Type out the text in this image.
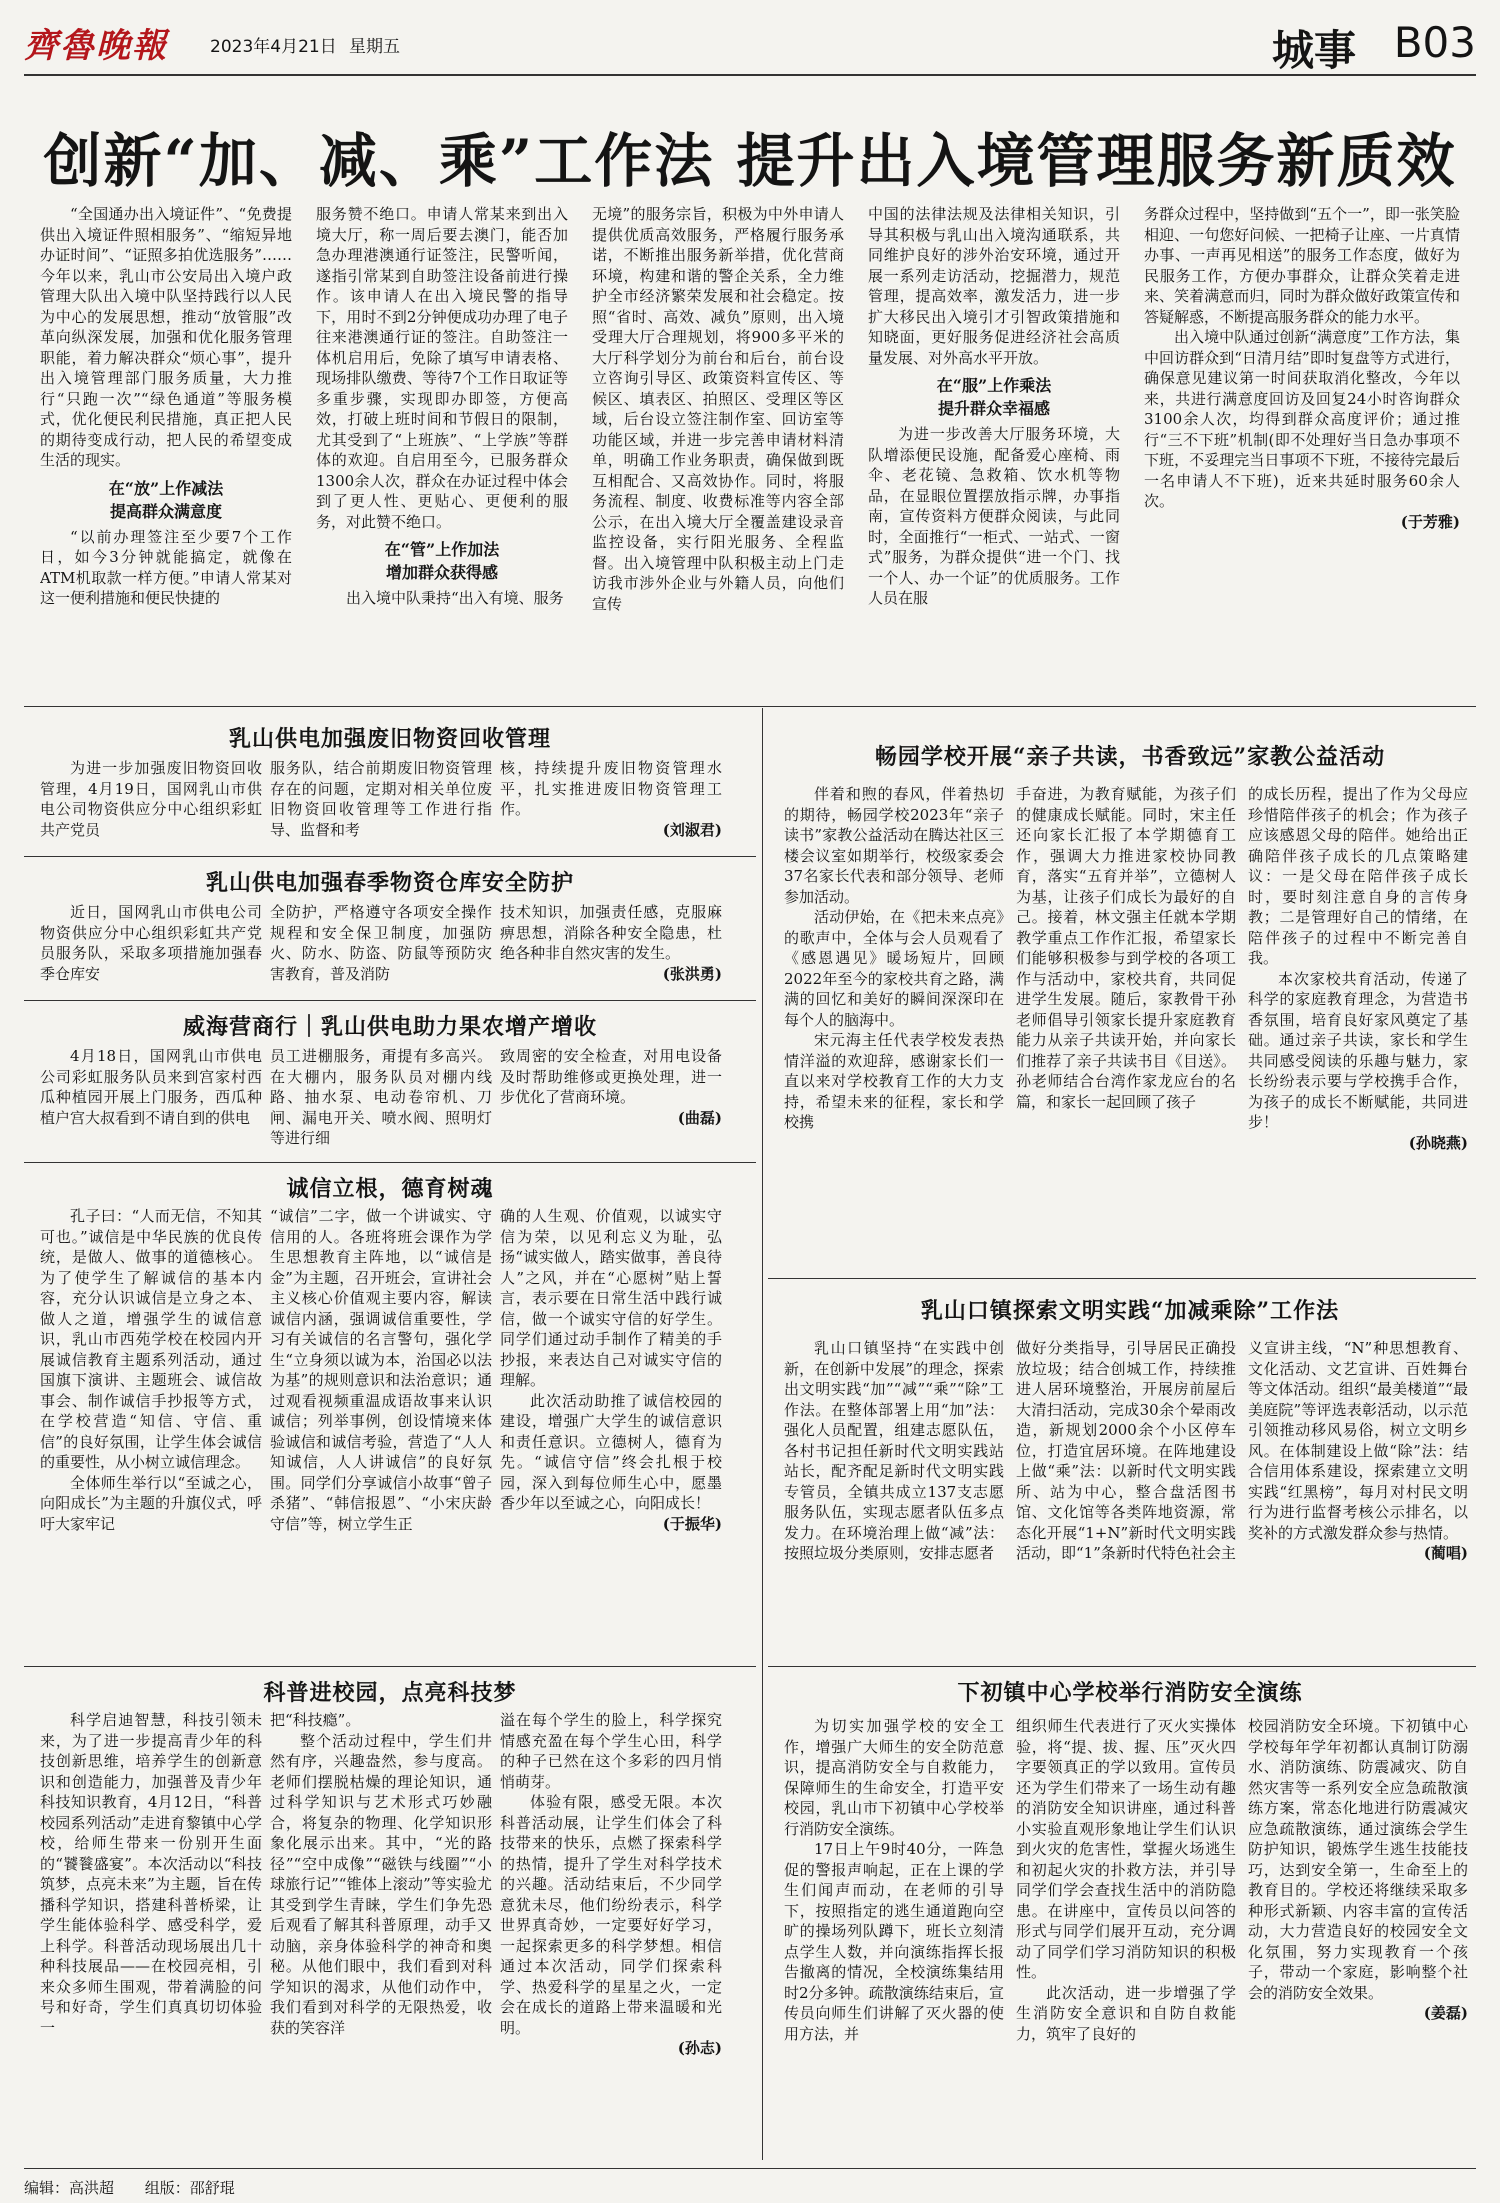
齊魯晚報 2023年4月21日 星期五	城事 B03
创新“加、减、乘”工作法 提升出入境管理服务新质效

“全国通办出入境证件”、“免费提供出入境证件照相服务”、“缩短异地办证时间”、“证照多拍优选服务”……今年以来，乳山市公安局出入境户政管理大队出入境中队坚持践行以人民为中心的发展思想，推动“放管服”改革向纵深发展，加强和优化服务管理职能，着力解决群众“烦心事”，提升出入境管理部门服务质量，大力推行“只跑一次”“绿色通道”等服务模式，优化便民利民措施，真正把人民的期待变成行动，把人民的希望变成生活的现实。

在“放”上作减法
提高群众满意度

“以前办理签注至少要7个工作日，如今3分钟就能搞定，就像在ATM机取款一样方便。”申请人常某对这一便利措施和便民快捷的

服务赞不绝口。申请人常某来到出入境大厅，称一周后要去澳门，能否加急办理港澳通行证签注，民警听闻，遂指引常某到自助签注设备前进行操作。该申请人在出入境民警的指导下，用时不到2分钟便成功办理了电子往来港澳通行证的签注。自助签注一体机启用后，免除了填写申请表格、现场排队缴费、等待7个工作日取证等多重步骤，实现即办即签，方便高效，打破上班时间和节假日的限制，尤其受到了“上班族”、“上学族”等群体的欢迎。自启用至今，已服务群众1300余人次，群众在办证过程中体会到了更人性、更贴心、更便利的服务，对此赞不绝口。

在“管”上作加法
增加群众获得感

出入境中队秉持“出入有境、服务

无境”的服务宗旨，积极为中外申请人提供优质高效服务，严格履行服务承诺，不断推出服务新举措，优化营商环境，构建和谐的警企关系，全力维护全市经济繁荣发展和社会稳定。按照“省时、高效、减负”原则，出入境受理大厅合理规划，将900多平米的大厅科学划分为前台和后台，前台设立咨询引导区、政策资料宣传区、等候区、填表区、拍照区、受理区等区域，后台设立签注制作室、回访室等功能区域，并进一步完善申请材料清单，明确工作业务职责，确保做到既互相配合、又高效协作。同时，将服务流程、制度、收费标准等内容全部公示，在出入境大厅全覆盖建设录音监控设备，实行阳光服务、全程监督。出入境管理中队积极主动上门走访我市涉外企业与外籍人员，向他们宣传

中国的法律法规及法律相关知识，引导其积极与乳山出入境沟通联系，共同维护良好的涉外治安环境，通过开展一系列走访活动，挖掘潜力，规范管理，提高效率，激发活力，进一步扩大移民出入境引才引智政策措施和知晓面，更好服务促进经济社会高质量发展、对外高水平开放。

在“服”上作乘法
提升群众幸福感

为进一步改善大厅服务环境，大队增添便民设施，配备爱心座椅、雨伞、老花镜、急救箱、饮水机等物品，在显眼位置摆放指示牌，办事指南，宣传资料方便群众阅读，与此同时，全面推行“一柜式、一站式、一窗式”服务，为群众提供“进一个门、找一个人、办一个证”的优质服务。工作人员在服

务群众过程中，坚持做到“五个一”，即一张笑脸相迎、一句您好问候、一把椅子让座、一片真情办事、一声再见相送”的服务工作态度，做好为民服务工作，方便办事群众，让群众笑着走进来、笑着满意而归，同时为群众做好政策宣传和答疑解惑，不断提高服务群众的能力水平。

出入境中队通过创新“满意度”工作方法，集中回访群众到“日清月结”即时复盘等方式进行，确保意见建议第一时间获取消化整改，今年以来，共进行满意度回访及回复24小时咨询群众3100余人次，均得到群众高度评价；通过推行“三不下班”机制(即不处理好当日急办事项不下班，不妥理完当日事项不下班，不接待完最后一名申请人不下班)，近来共延时服务60余人次。

(于芳雅)
乳山供电加强废旧物资回收管理

为进一步加强废旧物资回收管理，4月19日，国网乳山市供电公司物资供应分中心组织彩虹共产党员

服务队，结合前期废旧物资管理存在的问题，定期对相关单位废旧物资回收管理等工作进行指导、监督和考

核，持续提升废旧物资管理水平，扎实推进废旧物资管理工作。

(刘淑君)
乳山供电加强春季物资仓库安全防护

近日，国网乳山市供电公司物资供应分中心组织彩虹共产党员服务队，采取多项措施加强春季仓库安

全防护，严格遵守各项安全操作规程和安全保卫制度，加强防火、防水、防盗、防鼠等预防灾害教育，普及消防

技术知识，加强责任感，克服麻痹思想，消除各种安全隐患，杜绝各种非自然灾害的发生。

(张洪勇)
威海营商行｜乳山供电助力果农增产增收

4月18日，国网乳山市供电公司彩虹服务队员来到宫家村西瓜种植园开展上门服务，西瓜种植户宫大叔看到不请自到的供电

员工进棚服务，甭提有多高兴。在大棚内，服务队员对棚内线路、抽水泵、电动卷帘机、刀闸、漏电开关、喷水阀、照明灯等进行细

致周密的安全检查，对用电设备及时帮助维修或更换处理，进一步优化了营商环境。

(曲磊)
诚信立根，德育树魂

孔子曰：“人而无信，不知其可也。”诚信是中华民族的优良传统，是做人、做事的道德核心。为了使学生了解诚信的基本内容，充分认识诚信是立身之本、做人之道，增强学生的诚信意识，乳山市西苑学校在校园内开展诚信教育主题系列活动，通过国旗下演讲、主题班会、诚信故事会、制作诚信手抄报等方式，在学校营造“知信、守信、重信”的良好氛围，让学生体会诚信的重要性，从小树立诚信理念。

全体师生举行以“至诚之心，向阳成长”为主题的升旗仪式，呼吁大家牢记

“诚信”二字，做一个讲诚实、守信用的人。各班将班会课作为学生思想教育主阵地，以“诚信是金”为主题，召开班会，宣讲社会主义核心价值观主要内容，解读诚信内涵，强调诚信重要性，学习有关诚信的名言警句，强化学生“立身须以诚为本，治国必以法为基”的规则意识和法治意识；通过观看视频重温成语故事来认识诚信；列举事例，创设情境来体验诚信和诚信考验，营造了“人人知诚信，人人讲诚信”的良好氛围。同学们分享诚信小故事“曾子杀猪”、“韩信报恩”、“小宋庆龄守信”等，树立学生正

确的人生观、价值观，以诚实守信为荣，以见利忘义为耻，弘扬“诚实做人，踏实做事，善良待人”之风，并在“心愿树”贴上誓言，表示要在日常生活中践行诚信，做一个诚实守信的好学生。同学们通过动手制作了精美的手抄报，来表达自己对诚实守信的理解。

此次活动助推了诚信校园的建设，增强广大学生的诚信意识和责任意识。立德树人，德育为先。“诚信守信”终会扎根于校园，深入到每位师生心中，愿墨香少年以至诚之心，向阳成长！

(于振华)
科普进校园，点亮科技梦

科学启迪智慧，科技引领未来，为了进一步提高青少年的科技创新思维，培养学生的创新意识和创造能力，加强普及青少年科技知识教育，4月12日，“科普校园系列活动”走进育黎镇中心学校，给师生带来一份别开生面的“饕餮盛宴”。本次活动以“科技筑梦，点亮未来”为主题，旨在传播科学知识，搭建科普桥梁，让学生能体验科学、感受科学，爱上科学。科普活动现场展出几十种科技展品——在校园亮相，引来众多师生围观，带着满脸的问号和好奇，学生们真真切切体验一

把“科技瘾”。

整个活动过程中，学生们井然有序，兴趣盎然，参与度高。老师们摆脱枯燥的理论知识，通过科学知识与艺术形式巧妙融合，将复杂的物理、化学知识形象化展示出来。其中，“光的路径”“空中成像”“磁铁与线圈”“小球旅行记”“锥体上滚动”等实验尤其受到学生青睐，学生们争先恐后观看了解其科普原理，动手又动脑，亲身体验科学的神奇和奥秘。从他们眼中，我们看到对科学知识的渴求，从他们动作中，我们看到对科学的无限热爱，收获的笑容洋

溢在每个学生的脸上，科学探究情感充盈在每个学生心田，科学的种子已然在这个多彩的四月悄悄萌芽。

体验有限，感受无限。本次科普活动展，让学生们体会了科技带来的快乐，点燃了探索科学的热情，提升了学生对科学技术的兴趣。活动结束后，不少同学意犹未尽，他们纷纷表示，科学世界真奇妙，一定要好好学习，一起探索更多的科学梦想。相信通过本次活动，同学们探索科学、热爱科学的星星之火，一定会在成长的道路上带来温暖和光明。

(孙志)
畅园学校开展“亲子共读，书香致远”家教公益活动

伴着和煦的春风，伴着热切的期待，畅园学校2023年“亲子读书”家教公益活动在腾达社区三楼会议室如期举行，校级家委会37名家长代表和部分领导、老师参加活动。

活动伊始，在《把未来点亮》的歌声中，全体与会人员观看了《感恩遇见》暖场短片，回顾2022年至今的家校共育之路，满满的回忆和美好的瞬间深深印在每个人的脑海中。

宋元海主任代表学校发表热情洋溢的欢迎辞，感谢家长们一直以来对学校教育工作的大力支持，希望未来的征程，家长和学校携

手奋进，为教育赋能，为孩子们的健康成长赋能。同时，宋主任还向家长汇报了本学期德育工作，强调大力推进家校协同教育，落实“五育并举”，立德树人为基，让孩子们成长为最好的自己。接着，林文强主任就本学期教学重点工作作汇报，希望家长们能够积极参与到学校的各项工作与活动中，家校共育，共同促进学生发展。随后，家教骨干孙老师倡导引领家长提升家庭教育能力从亲子共读开始，并向家长们推荐了亲子共读书目《目送》。孙老师结合台湾作家龙应台的名篇，和家长一起回顾了孩子

的成长历程，提出了作为父母应珍惜陪伴孩子的机会；作为孩子应该感恩父母的陪伴。她给出正确陪伴孩子成长的几点策略建议：一是父母在陪伴孩子成长时，要时刻注意自身的言传身教；二是管理好自己的情绪，在陪伴孩子的过程中不断完善自我。

本次家校共育活动，传递了科学的家庭教育理念，为营造书香氛围，培育良好家风奠定了基础。通过亲子共读，家长和学生共同感受阅读的乐趣与魅力，家长纷纷表示要与学校携手合作，为孩子的成长不断赋能，共同进步！

(孙晓燕)
乳山口镇探索文明实践“加减乘除”工作法

乳山口镇坚持“在实践中创新，在创新中发展”的理念，探索出文明实践“加”“减”“乘”“除”工作法。在整体部署上用“加”法：强化人员配置，组建志愿队伍，各村书记担任新时代文明实践站站长，配齐配足新时代文明实践专管员，全镇共成立137支志愿服务队伍，实现志愿者队伍多点发力。在环境治理上做“减”法：按照垃圾分类原则，安排志愿者

做好分类指导，引导居民正确投放垃圾；结合创城工作，持续推进人居环境整治，开展房前屋后大清扫活动，完成30余个晕雨改造，新规划2000余个小区停车位，打造宜居环境。在阵地建设上做“乘”法：以新时代文明实践所、站为中心，整合盘活图书馆、文化馆等各类阵地资源，常态化开展“1+N”新时代文明实践活动，即“1”条新时代特色社会主

义宣讲主线，“N”种思想教育、文化活动、文艺宣讲、百姓舞台等文体活动。组织“最美楼道”“最美庭院”等评选表彰活动，以示范引领推动移风易俗，树立文明乡风。在体制建设上做“除”法：结合信用体系建设，探索建立文明实践“红黑榜”，每月对村民文明行为进行监督考核公示排名，以奖补的方式激发群众参与热情。

(蔺唱)
下初镇中心学校举行消防安全演练

为切实加强学校的安全工作，增强广大师生的安全防范意识，提高消防安全与自救能力，保障师生的生命安全，打造平安校园，乳山市下初镇中心学校举行消防安全演练。

17日上午9时40分，一阵急促的警报声响起，正在上课的学生们闻声而动，在老师的引导下，按照指定的逃生通道跑向空旷的操场列队蹲下，班长立刻清点学生人数，并向演练指挥长报告撤离的情况，全校演练集结用时2分多钟。疏散演练结束后，宣传员向师生们讲解了灭火器的使用方法，并

组织师生代表进行了灭火实操体验，将“提、拔、握、压”灭火四字要领真正的学以致用。宣传员还为学生们带来了一场生动有趣的消防安全知识讲座，通过科普小实验直观形象地让学生们认识到火灾的危害性，掌握火场逃生和初起火灾的扑救方法，并引导同学们学会查找生活中的消防隐患。在讲座中，宣传员以问答的形式与同学们展开互动，充分调动了同学们学习消防知识的积极性。

此次活动，进一步增强了学生消防安全意识和自防自救能力，筑牢了良好的

校园消防安全环境。下初镇中心学校每年学年初都认真制订防溺水、消防演练、防震减灾、防自然灾害等一系列安全应急疏散演练方案，常态化地进行防震减灾应急疏散演练，通过演练会学生防护知识，锻炼学生逃生技能技巧，达到安全第一，生命至上的教育目的。学校还将继续采取多种形式新颖、内容丰富的宣传活动，大力营造良好的校园安全文化氛围，努力实现教育一个孩子，带动一个家庭，影响整个社会的消防安全效果。

(姜磊)
编辑：高洪超 组版：邵舒琨
